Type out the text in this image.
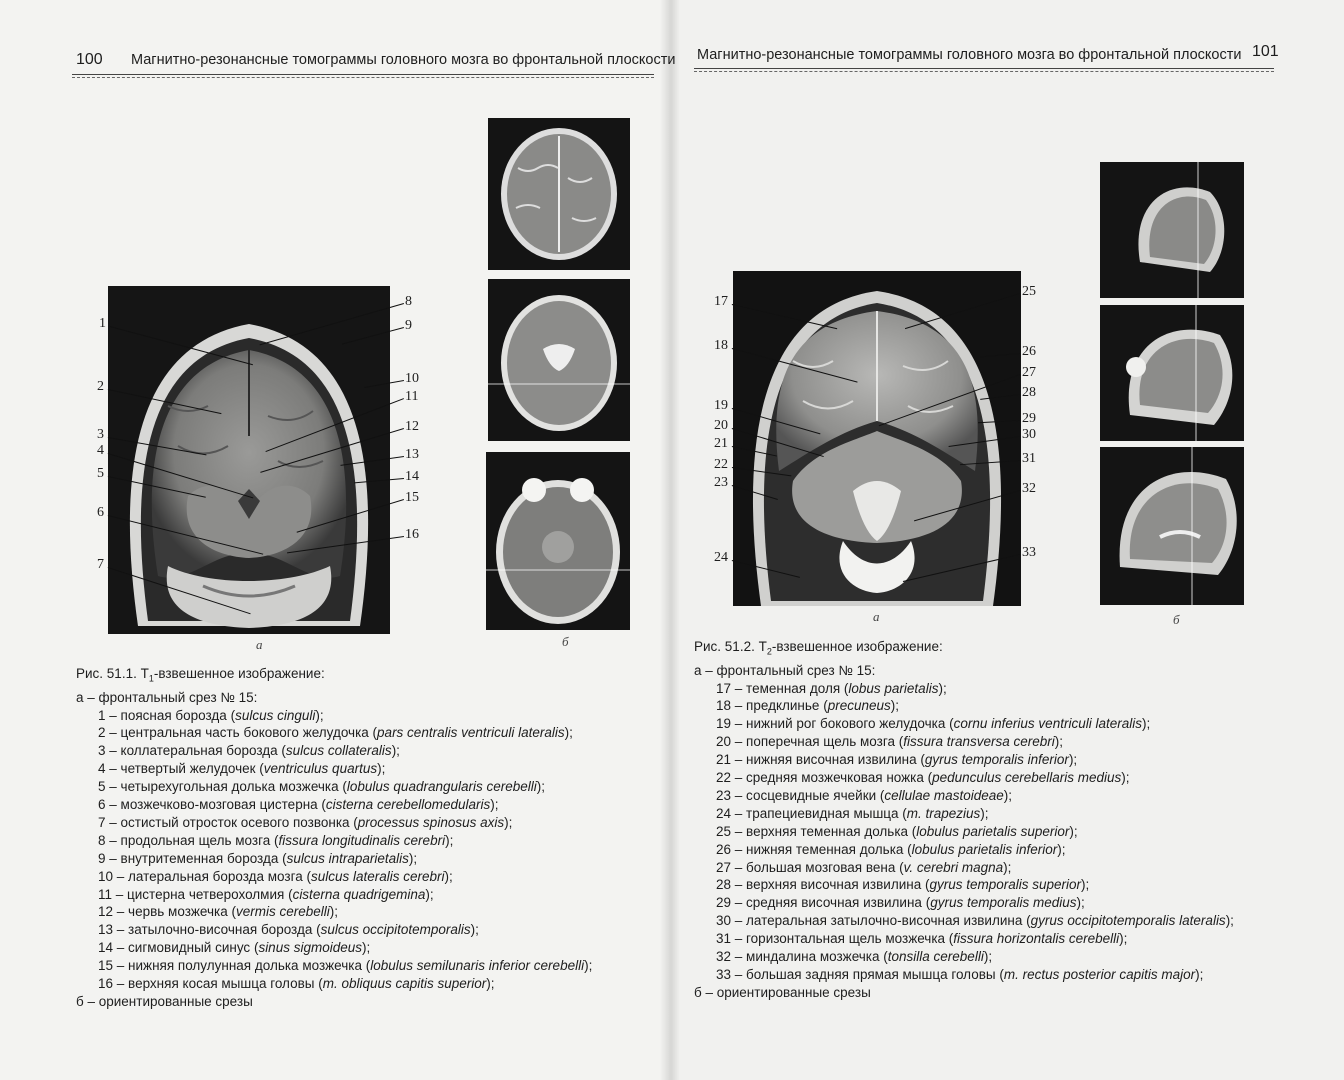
100 Магнитно-резонансные томограммы головного мозга во фронтальной плоскости Магнитно-резонансные томограммы головного мозга во фронтальной плоскости 101
1
2
3
4
5
6
7
8
9
10
11
12
13
14
15
16
а	б
Рис. 51.1. $T_1$-взвешенное изображение:
а – фронтальный срез № 15:
1 – поясная борозда (sulcus cinguli);
2 – центральная часть бокового желудочка (pars centralis ventriculi lateralis);
3 – коллатеральная борозда (sulcus collateralis);
4 – четвертый желудочек (ventriculus quartus);
5 – четырехугольная долька мозжечка (lobulus quadrangularis cerebelli);
6 – мозжечково-мозговая цистерна (cisterna cerebellomedularis);
7 – остистый отросток осевого позвонка (processus spinosus axis);
8 – продольная щель мозга (fissura longitudinalis cerebri);
9 – внутритеменная борозда (sulcus intraparietalis);
10 – латеральная борозда мозга (sulcus lateralis cerebri);
11 – цистерна четверохолмия (cisterna quadrigemina);
12 – червь мозжечка (vermis cerebelli);
13 – затылочно-височная борозда (sulcus occipitotemporalis);
14 – сигмовидный синус (sinus sigmoideus);
15 – нижняя полулунная долька мозжечка (lobulus semilunaris inferior cerebelli);
16 – верхняя косая мышца головы (m. obliquus capitis superior);
б – ориентированные срезы
17
18
19
20
21
22
23
24
25
26
27
28
29
30
31
32
33
а	б
Рис. 51.2. $T_2$-взвешенное изображение:
а – фронтальный срез № 15:
17 – теменная доля (lobus parietalis);
18 – предклинье (precuneus);
19 – нижний рог бокового желудочка (cornu inferius ventriculi lateralis);
20 – поперечная щель мозга (fissura transversa cerebri);
21 – нижняя височная извилина (gyrus temporalis inferior);
22 – средняя мозжечковая ножка (pedunculus cerebellaris medius);
23 – сосцевидные ячейки (cellulae mastoideae);
24 – трапециевидная мышца (m. trapezius);
25 – верхняя теменная долька (lobulus parietalis superior);
26 – нижняя теменная долька (lobulus parietalis inferior);
27 – большая мозговая вена (v. cerebri magna);
28 – верхняя височная извилина (gyrus temporalis superior);
29 – средняя височная извилина (gyrus temporalis medius);
30 – латеральная затылочно-височная извилина (gyrus occipitotemporalis lateralis);
31 – горизонтальная щель мозжечка (fissura horizontalis cerebelli);
32 – миндалина мозжечка (tonsilla cerebelli);
33 – большая задняя прямая мышца головы (m. rectus posterior capitis major);
б – ориентированные срезы
